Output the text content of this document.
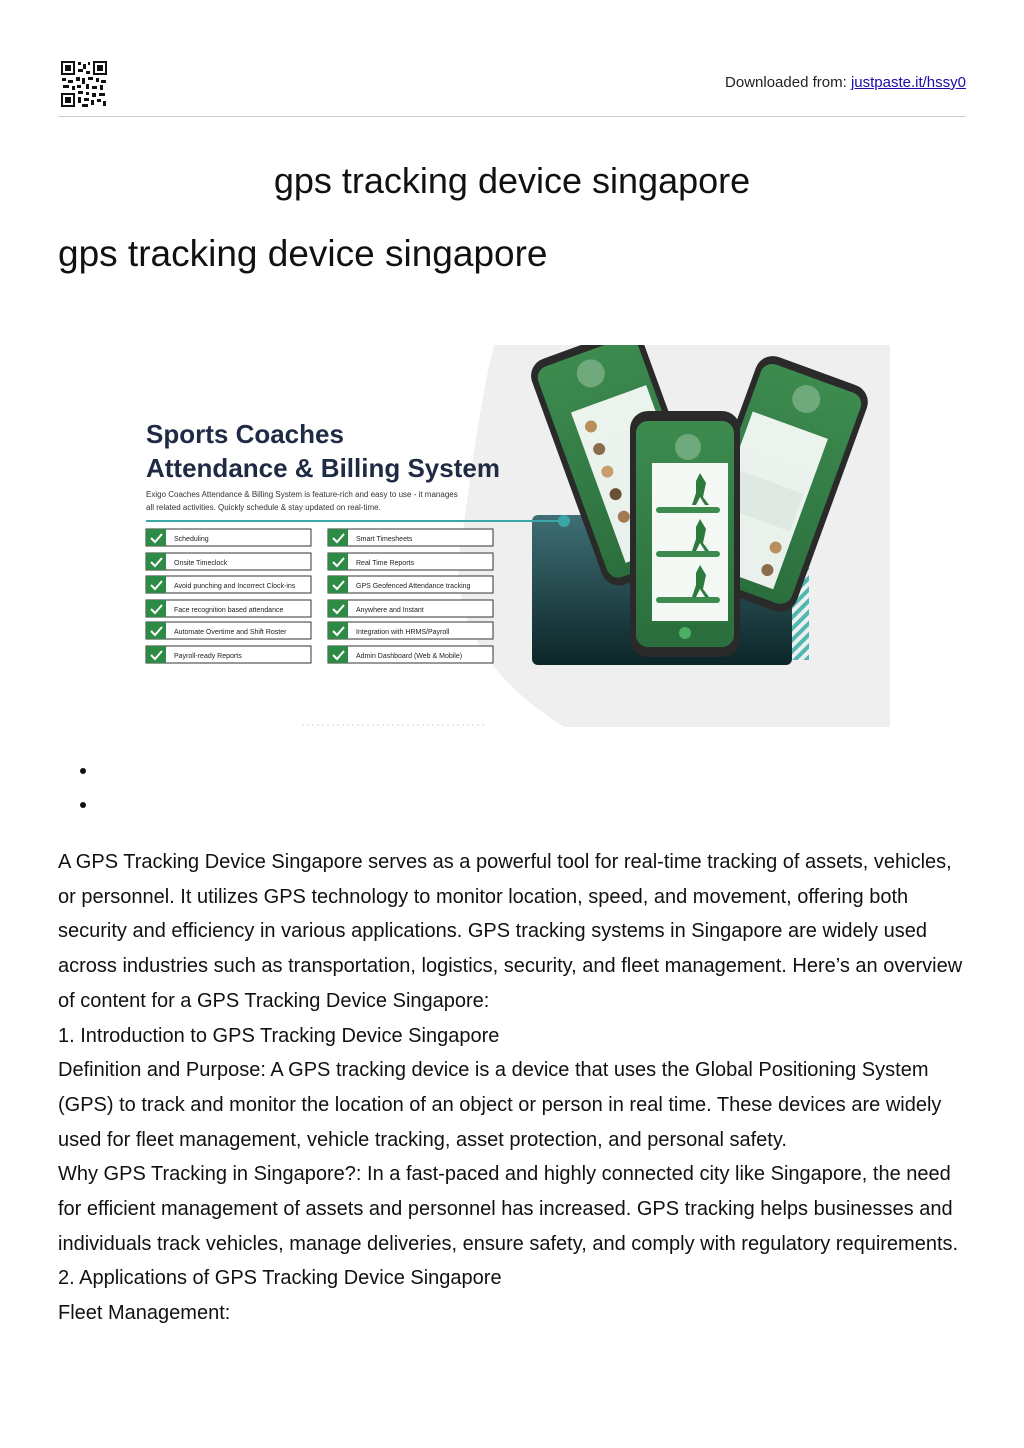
Downloaded from: justpaste.it/hssy0
gps tracking device singapore
gps tracking device singapore
Sports Coaches
Attendance & Billing System
Exigo Coaches Attendance & Billing System is feature-rich and easy to use - it manages
all related activities. Quickly schedule & stay updated on real-time.
Scheduling
Onsite Timeclock
Avoid punching and Incorrect Clock-ins
Face recognition based attendance
Automate Overtime and Shift Roster
Payroll-ready Reports
Smart Timesheets
Real Time Reports
GPS Geofenced Attendance tracking
Anywhere and Instant
Integration with HRMS/Payroll
Admin Dashboard (Web & Mobile)

A GPS Tracking Device Singapore serves as a powerful tool for real-time tracking of assets, vehicles, or personnel. It utilizes GPS technology to monitor location, speed, and movement, offering both security and efficiency in various applications. GPS tracking systems in Singapore are widely used across industries such as transportation, logistics, security, and fleet management. Here’s an overview of content for a GPS Tracking Device Singapore:

1. Introduction to GPS Tracking Device Singapore

Definition and Purpose: A GPS tracking device is a device that uses the Global Positioning System (GPS) to track and monitor the location of an object or person in real time. These devices are widely used for fleet management, vehicle tracking, asset protection, and personal safety.

Why GPS Tracking in Singapore?: In a fast-paced and highly connected city like Singapore, the need for efficient management of assets and personnel has increased. GPS tracking helps businesses and individuals track vehicles, manage deliveries, ensure safety, and comply with regulatory requirements.

2. Applications of GPS Tracking Device Singapore

Fleet Management:
